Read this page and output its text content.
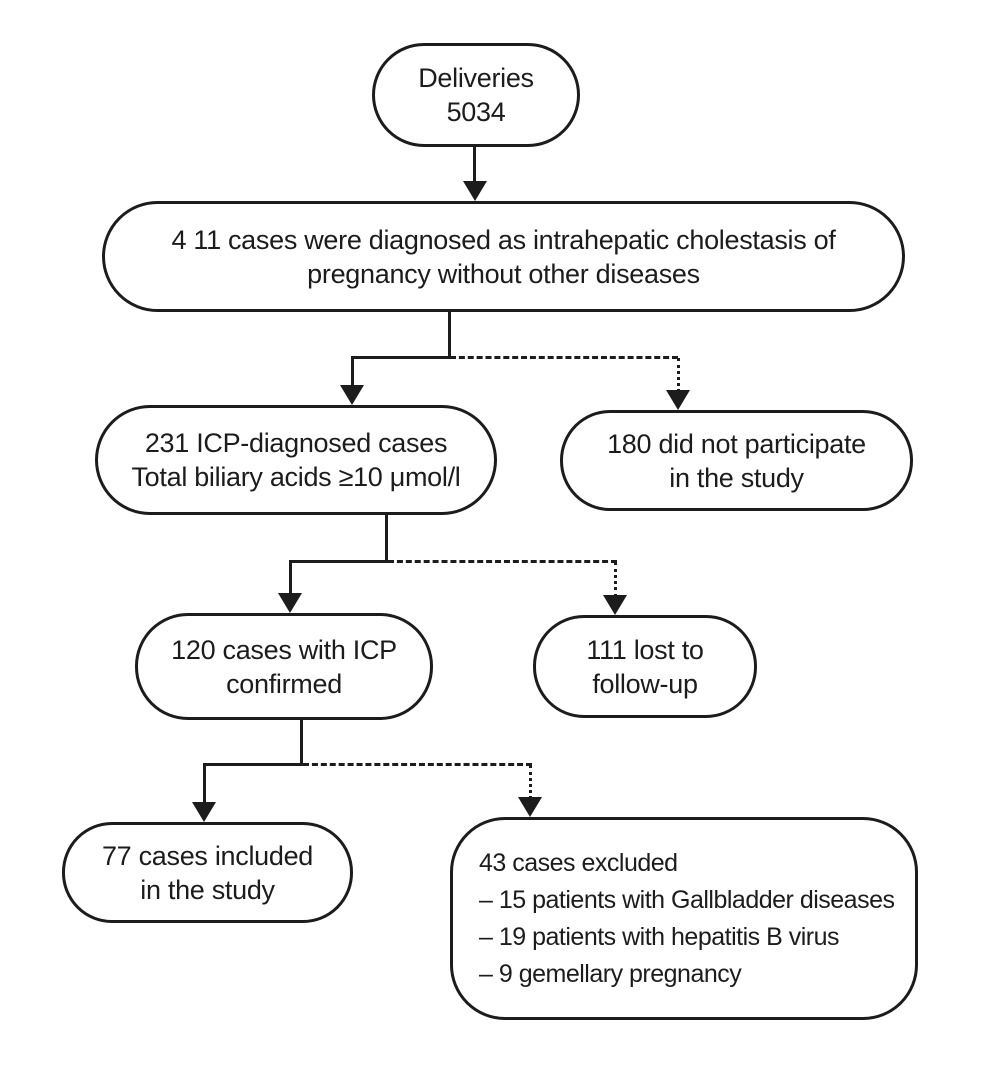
Deliveries
5034
4 11 cases were diagnosed as intrahepatic cholestasis of
pregnancy without other diseases
231 ICP-diagnosed cases
Total biliary acids ≥10 μmol/l
180 did not participate
in the study
120 cases with ICP
confirmed
111 lost to
follow-up
77 cases included
in the study
43 cases excluded
– 15 patients with Gallbladder diseases
– 19 patients with hepatitis B virus
– 9 gemellary pregnancy
